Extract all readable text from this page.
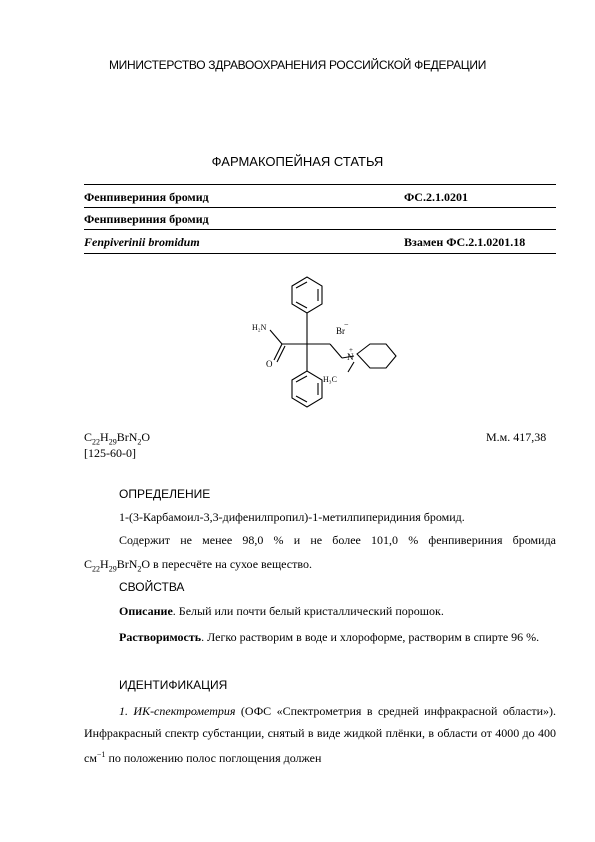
МИНИСТЕРСТВО ЗДРАВООХРАНЕНИЯ РОССИЙСКОЙ ФЕДЕРАЦИИ
ФАРМАКОПЕЙНАЯ СТАТЬЯ
Фенпивериния бромид	ФС.2.1.0201
Фенпивериния бромид
Fenpiverinii bromidum	Взамен ФС.2.1.0201.18
H₂N
O
Br
−
N
+
H₃C
$C_{22}H_{29}BrN_2O$	М.м. 417,38
[125-60-0]
ОПРЕДЕЛЕНИЕ
1-(3-Карбамоил-3,3-дифенилпропил)-1-метилпиперидиния бромид.
Содержит не менее 98,0 % и не более 101,0 % фенпивериния бромида
$C_{22}H_{29}BrN_2O$ в пересчёте на сухое вещество.
СВОЙСТВА
Описание. Белый или почти белый кристаллический порошок.
Растворимость. Легко растворим в воде и хлороформе, растворим в спирте 96 %.
ИДЕНТИФИКАЦИЯ
1. ИК-спектрометрия (ОФС «Спектрометрия в средней инфракрасной области»). Инфракрасный спектр субстанции, снятый в виде жидкой плёнки, в области от 4000 до 400 $см^{-1}$ по положению полос поглощения должен
